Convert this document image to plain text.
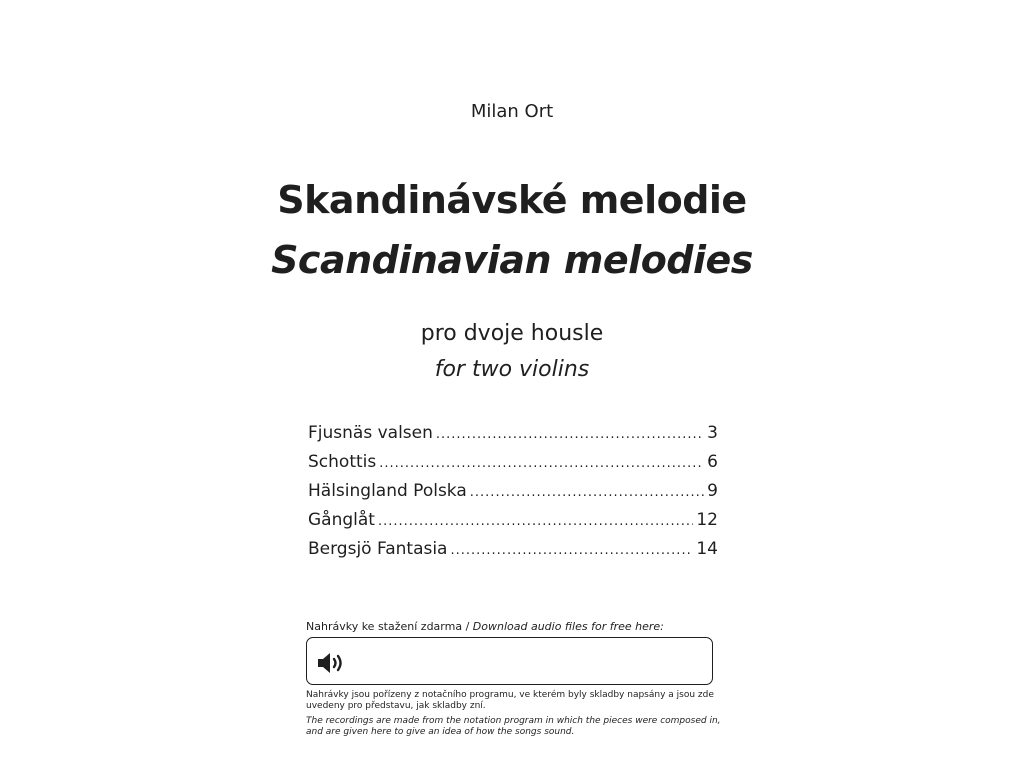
Milan Ort
Skandinávské melodie
Scandinavian melodies
pro dvoje housle
for two violins
Fjusnäs valsen .....	3
Schottis .....	6
Hälsingland Polska .....	9
Gånglåt .....	12
Bergsjö Fantasia .....	14
Nahrávky ke stažení zdarma / Download audio files for free here:
Nahrávky jsou pořízeny z notačního programu, ve kterém byly skladby napsány a jsou zde uvedeny pro představu, jak skladby zní.
The recordings are made from the notation program in which the pieces were composed in, and are given here to give an idea of how the songs sound.
